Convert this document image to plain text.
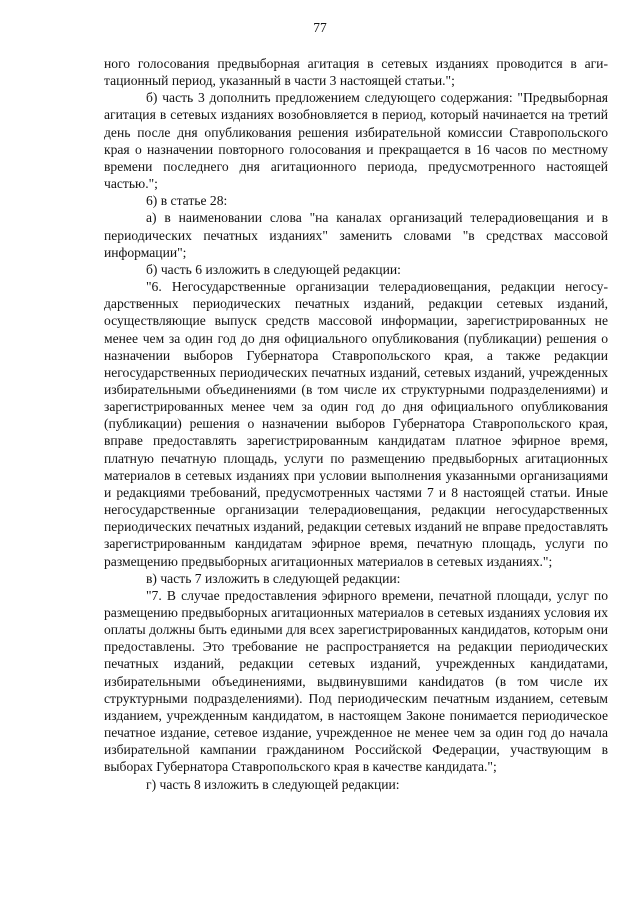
77

ного голосования предвыборная агитация в сетевых изданиях проводится в агитационный период, указанный в части 3 настоящей статьи.";

б) часть 3 дополнить предложением следующего содержания: "Предвыборная агитация в сетевых изданиях возобновляется в период, который начинается на третий день после дня опубликования решения избирательной комиссии Ставропольского края о назначении повторного голосования и прекращается в 16 часов по местному времени последнего дня агитационного периода, предусмотренного настоящей частью.";

6) в статье 28:

а) в наименовании слова "на каналах организаций телерадиовещания и в периодических печатных изданиях" заменить словами "в средствах массовой информации";

б) часть 6 изложить в следующей редакции:

"6. Негосударственные организации телерадиовещания, редакции негосударственных периодических печатных изданий, редакции сетевых изданий, осуществляющие выпуск средств массовой информации, зарегистрированных не менее чем за один год до дня официального опубликования (публикации) решения о назначении выборов Губернатора Ставропольского края, а также редакции негосударственных периодических печатных изданий, сетевых изданий, учрежденных избирательными объединениями (в том числе их структурными подразделениями) и зарегистрированных менее чем за один год до дня официального опубликования (публикации) решения о назначении выборов Губернатора Ставропольского края, вправе предоставлять зарегистрированным кандидатам платное эфирное время, платную печатную площадь, услуги по размещению предвыборных агитационных материалов в сетевых изданиях при условии выполнения указанными организациями и редакциями требований, предусмотренных частями 7 и 8 настоящей статьи. Иные негосударственные организации телерадиовещания, редакции негосударственных периодических печатных изданий, редакции сетевых изданий не вправе предоставлять зарегистрированным кандидатам эфирное время, печатную площадь, услуги по размещению предвыборных агитационных материалов в сетевых изданиях.";

в) часть 7 изложить в следующей редакции:

"7. В случае предоставления эфирного времени, печатной площади, услуг по размещению предвыборных агитационных материалов в сетевых изданиях условия их оплаты должны быть едиными для всех зарегистрированных кандидатов, которым они предоставлены. Это требование не распространяется на редакции периодических печатных изданий, редакции сетевых изданий, учрежденных кандидатами, избирательными объединениями, выдвинувшими канdидатов (в том числе их структурными подразделениями). Под периодическим печатным изданием, сетевым изданием, учрежденным кандидатом, в настоящем Законе понимается периодическое печатное издание, сетевое издание, учрежденное не менее чем за один год до начала избирательной кампании гражданином Российской Федерации, участвующим в выборах Губернатора Ставропольского края в качестве кандидата.";

г) часть 8 изложить в следующей редакции:
